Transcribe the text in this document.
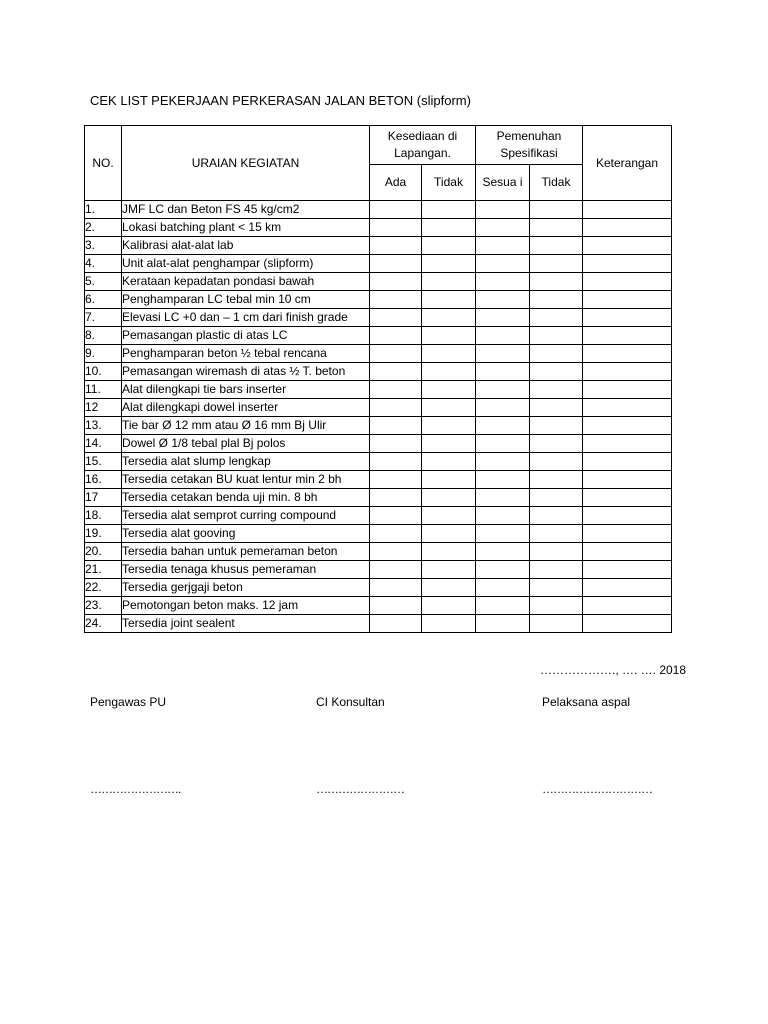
CEK LIST PEKERJAAN PERKERASAN JALAN BETON (slipform)
NO.	URAIAN KEGIATAN	Kesediaan di Lapangan.		Pemenuhan Spesifikasi		Keterangan
		Ada	Tidak	Sesua i	Tidak	
1.	JMF LC dan Beton FS 45 kg/cm2					
2.	Lokasi batching plant < 15 km					
3.	Kalibrasi alat-alat lab					
4.	Unit alat-alat penghampar (slipform)					
5.	Kerataan kepadatan pondasi bawah					
6.	Penghamparan LC tebal min 10 cm					
7.	Elevasi LC +0 dan – 1 cm dari finish grade					
8.	Pemasangan plastic di atas LC					
9.	Penghamparan beton ½ tebal rencana					
10.	Pemasangan wiremash di atas ½ T. beton					
11.	Alat dilengkapi tie bars inserter					
12	Alat dilengkapi dowel inserter					
13.	Tie bar Ø 12 mm atau Ø 16 mm Bj Ulir					
14.	Dowel Ø 1/8 tebal plal Bj polos					
15.	Tersedia alat slump lengkap					
16.	Tersedia cetakan BU kuat lentur min 2 bh					
17	Tersedia cetakan benda uji min. 8 bh					
18.	Tersedia alat semprot curring compound					
19.	Tersedia alat gooving					
20.	Tersedia bahan untuk pemeraman beton					
21.	Tersedia tenaga khusus pemeraman					
22.	Tersedia gerjgaji beton					
23.	Pemotongan beton maks. 12 jam					
24.	Tersedia joint sealent					
………………., …. …. 2018
Pengawas PU	CI Konsultan	Pelaksana aspal
…………………….	……………………	…………………………
